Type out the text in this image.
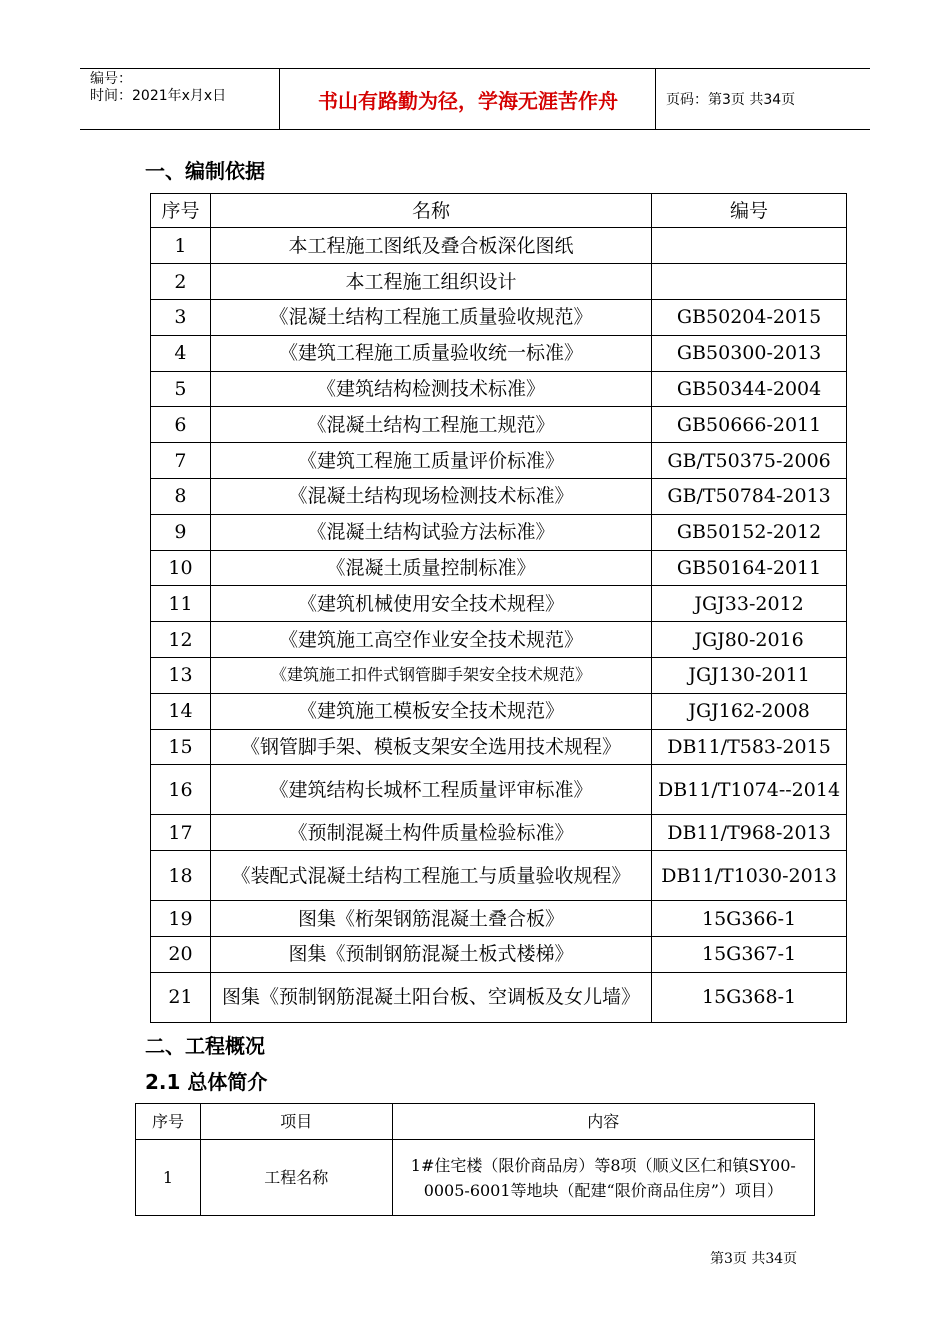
编号：
时间：2021年x月x日	书山有路勤为径，学海无涯苦作舟	页码：第3页 共34页
一、编制依据
序号	名称	编号
1	本工程施工图纸及叠合板深化图纸	
2	本工程施工组织设计	
3	《混凝土结构工程施工质量验收规范》	GB50204-2015
4	《建筑工程施工质量验收统一标准》	GB50300-2013
5	《建筑结构检测技术标准》	GB50344-2004
6	《混凝土结构工程施工规范》	GB50666-2011
7	《建筑工程施工质量评价标准》	GB/T50375-2006
8	《混凝土结构现场检测技术标准》	GB/T50784-2013
9	《混凝土结构试验方法标准》	GB50152-2012
10	《混凝土质量控制标准》	GB50164-2011
11	《建筑机械使用安全技术规程》	JGJ33-2012
12	《建筑施工高空作业安全技术规范》	JGJ80-2016
13	《建筑施工扣件式钢管脚手架安全技术规范》	JGJ130-2011
14	《建筑施工模板安全技术规范》	JGJ162-2008
15	《钢管脚手架、模板支架安全选用技术规程》	DB11/T583-2015
16	《建筑结构长城杯工程质量评审标准》	DB11/T1074--2014
17	《预制混凝土构件质量检验标准》	DB11/T968-2013
18	《装配式混凝土结构工程施工与质量验收规程》	DB11/T1030-2013
19	图集《桁架钢筋混凝土叠合板》	15G366-1
20	图集《预制钢筋混凝土板式楼梯》	15G367-1
21	图集《预制钢筋混凝土阳台板、空调板及女儿墙》	15G368-1
二、工程概况
2.1 总体简介
序号	项目	内容
1	工程名称	1#住宅楼（限价商品房）等8项（顺义区仁和镇SY00-0005-6001等地块（配建“限价商品住房”）项目）
第3页 共34页
